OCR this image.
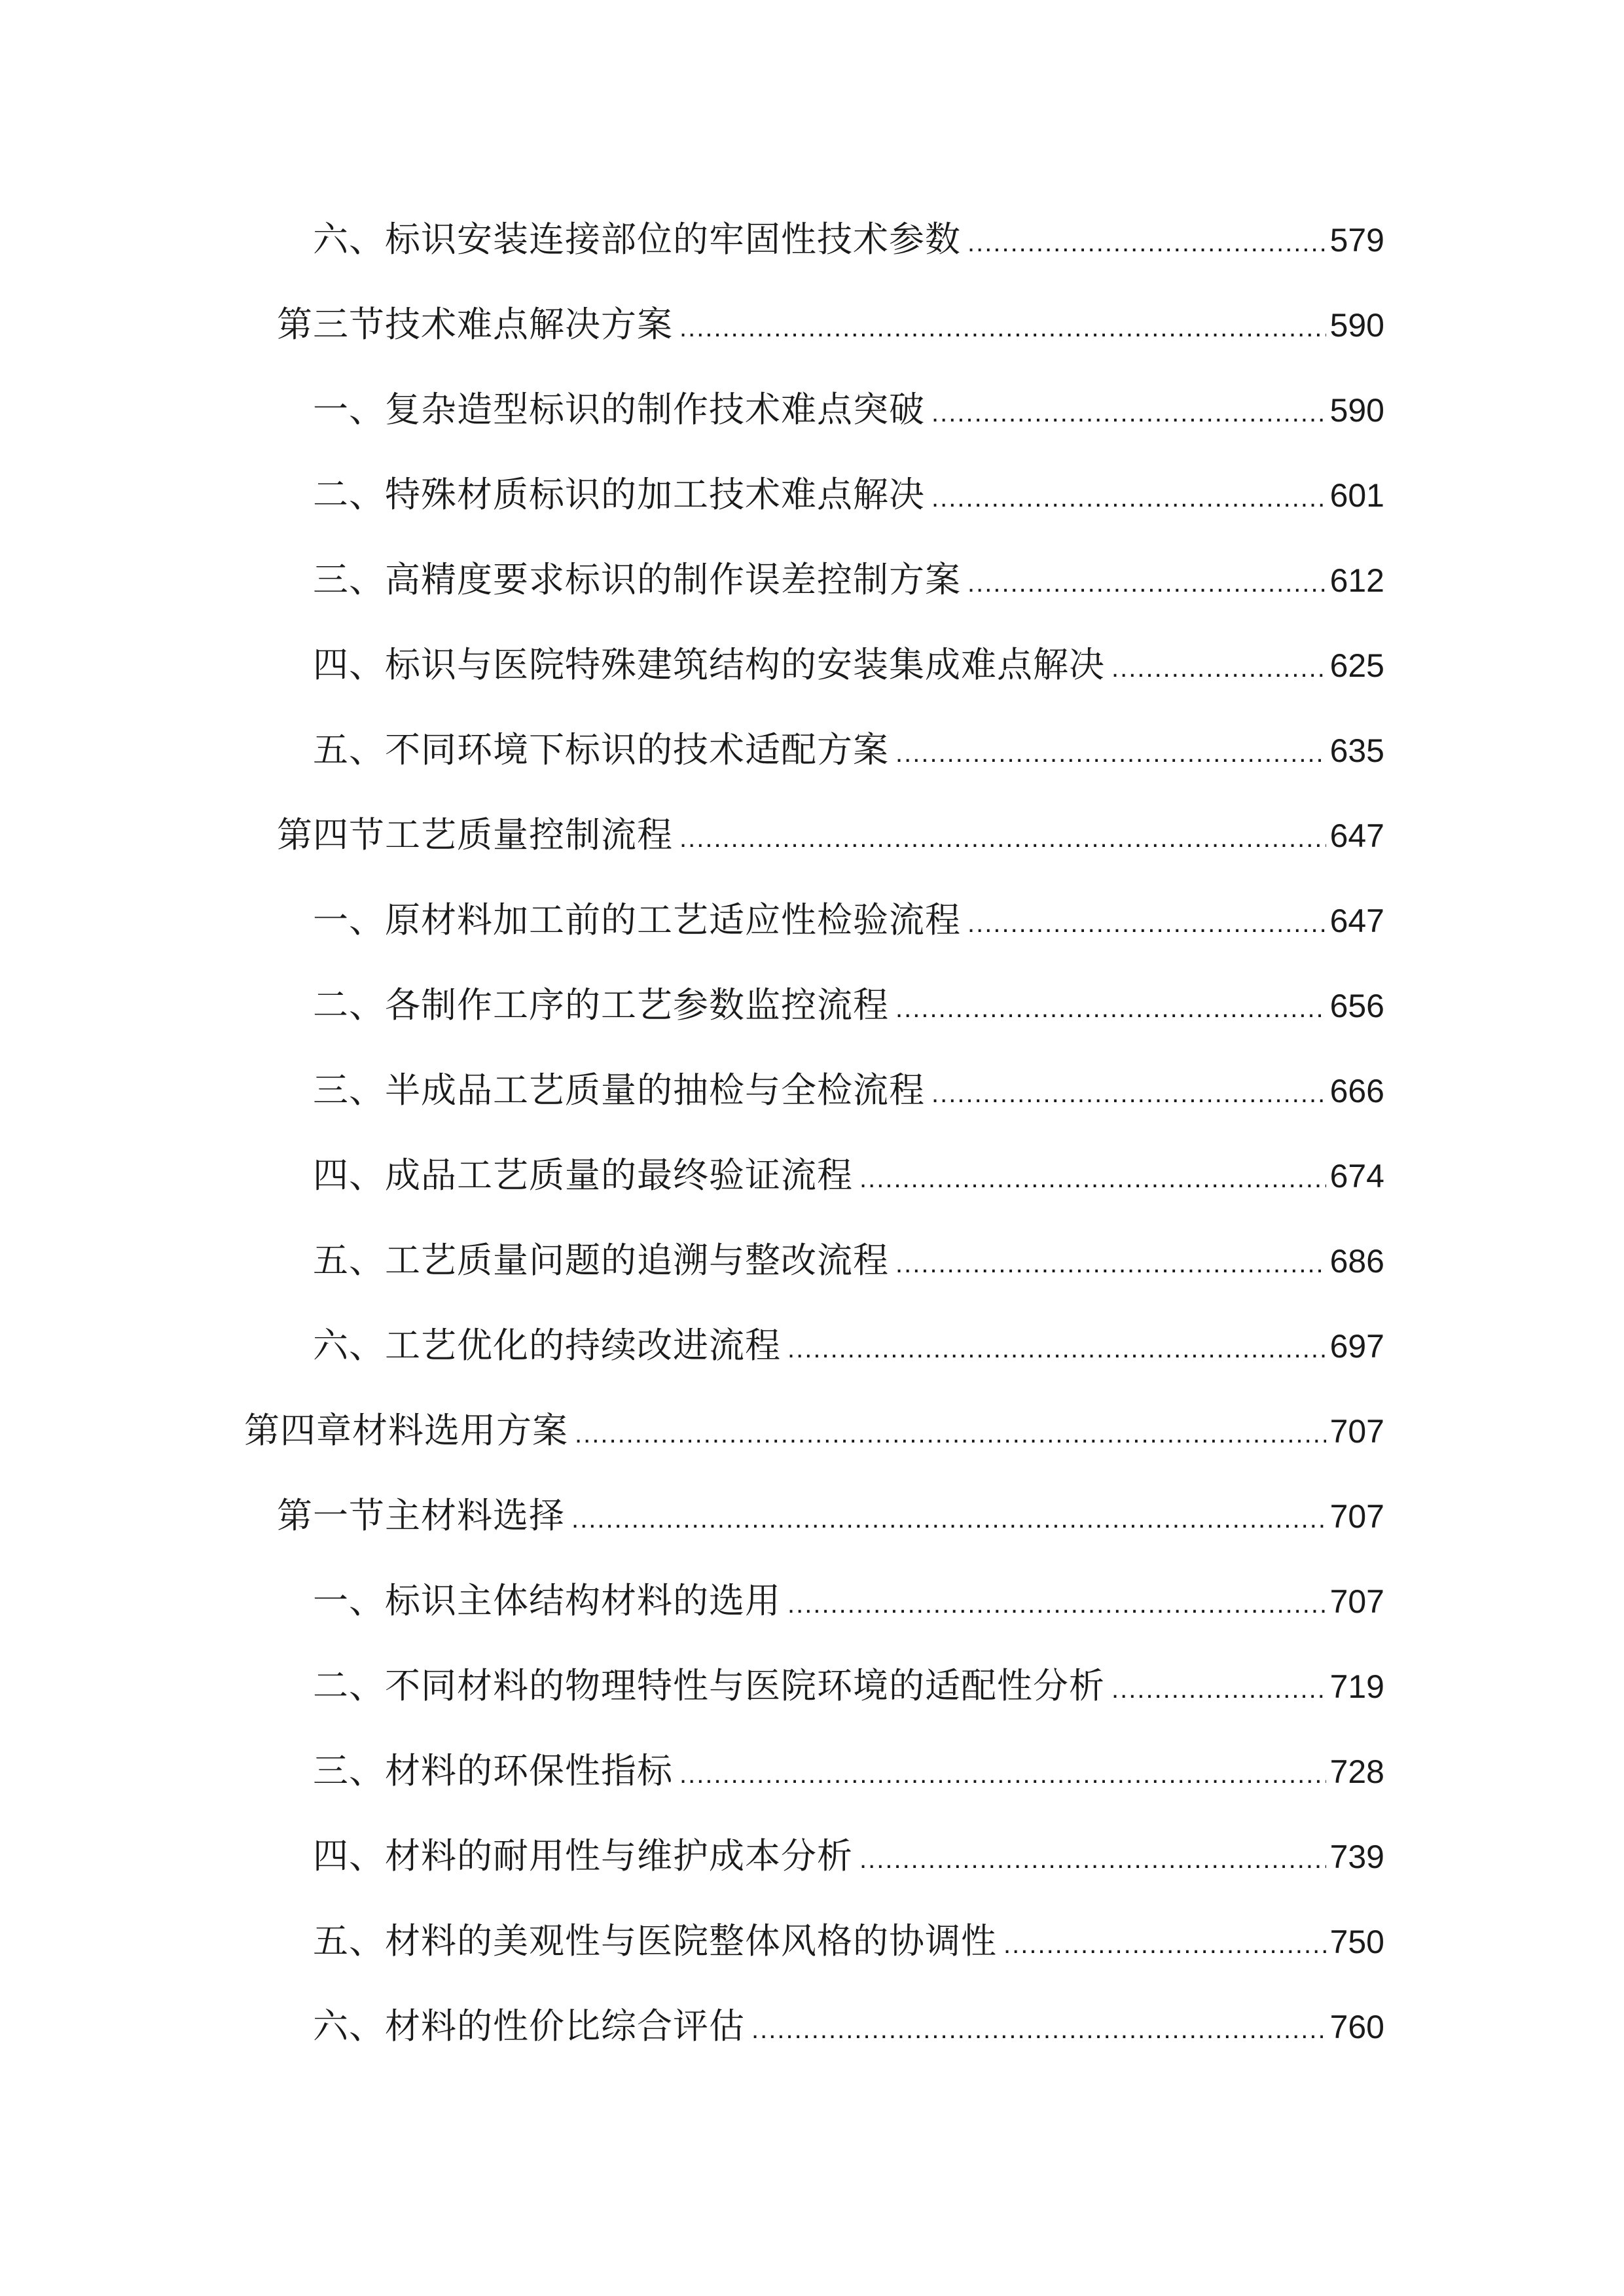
六、标识安装连接部位的牢固性技术参数 .....	579
第三节技术难点解决方案 .....	590
一、复杂造型标识的制作技术难点突破 .....	590
二、特殊材质标识的加工技术难点解决 .....	601
三、高精度要求标识的制作误差控制方案 .....	612
四、标识与医院特殊建筑结构的安装集成难点解决 .....	625
五、不同环境下标识的技术适配方案 .....	635
第四节工艺质量控制流程 .....	647
一、原材料加工前的工艺适应性检验流程 .....	647
二、各制作工序的工艺参数监控流程 .....	656
三、半成品工艺质量的抽检与全检流程 .....	666
四、成品工艺质量的最终验证流程 .....	674
五、工艺质量问题的追溯与整改流程 .....	686
六、工艺优化的持续改进流程 .....	697
第四章材料选用方案 .....	707
第一节主材料选择 .....	707
一、标识主体结构材料的选用 .....	707
二、不同材料的物理特性与医院环境的适配性分析 .....	719
三、材料的环保性指标 .....	728
四、材料的耐用性与维护成本分析 .....	739
五、材料的美观性与医院整体风格的协调性 .....	750
六、材料的性价比综合评估 .....	760
